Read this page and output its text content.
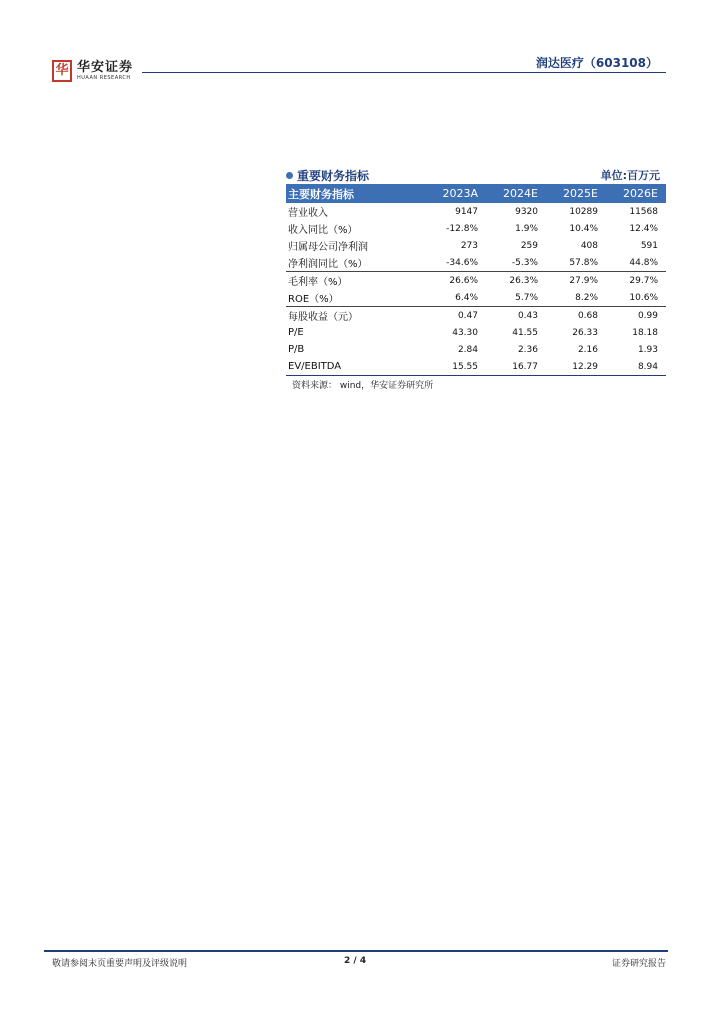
华 华安证券
HUAAN RESEARCH
润达医疗（603108）
重要财务指标	单位:百万元
主要财务指标	2023A	2024E	2025E	2026E
营业收入	9147	9320	10289	11568
收入同比（%）	-12.8%	1.9%	10.4%	12.4%
归属母公司净利润	273	259	408	591
净利润同比（%）	-34.6%	-5.3%	57.8%	44.8%
毛利率（%）	26.6%	26.3%	27.9%	29.7%
ROE（%）	6.4%	5.7%	8.2%	10.6%
每股收益（元）	0.47	0.43	0.68	0.99
P/E	43.30	41.55	26.33	18.18
P/B	2.84	2.36	2.16	1.93
EV/EBITDA	15.55	16.77	12.29	8.94
资料来源： wind，华安证券研究所
敬请参阅末页重要声明及评级说明	2 / 4	证券研究报告
